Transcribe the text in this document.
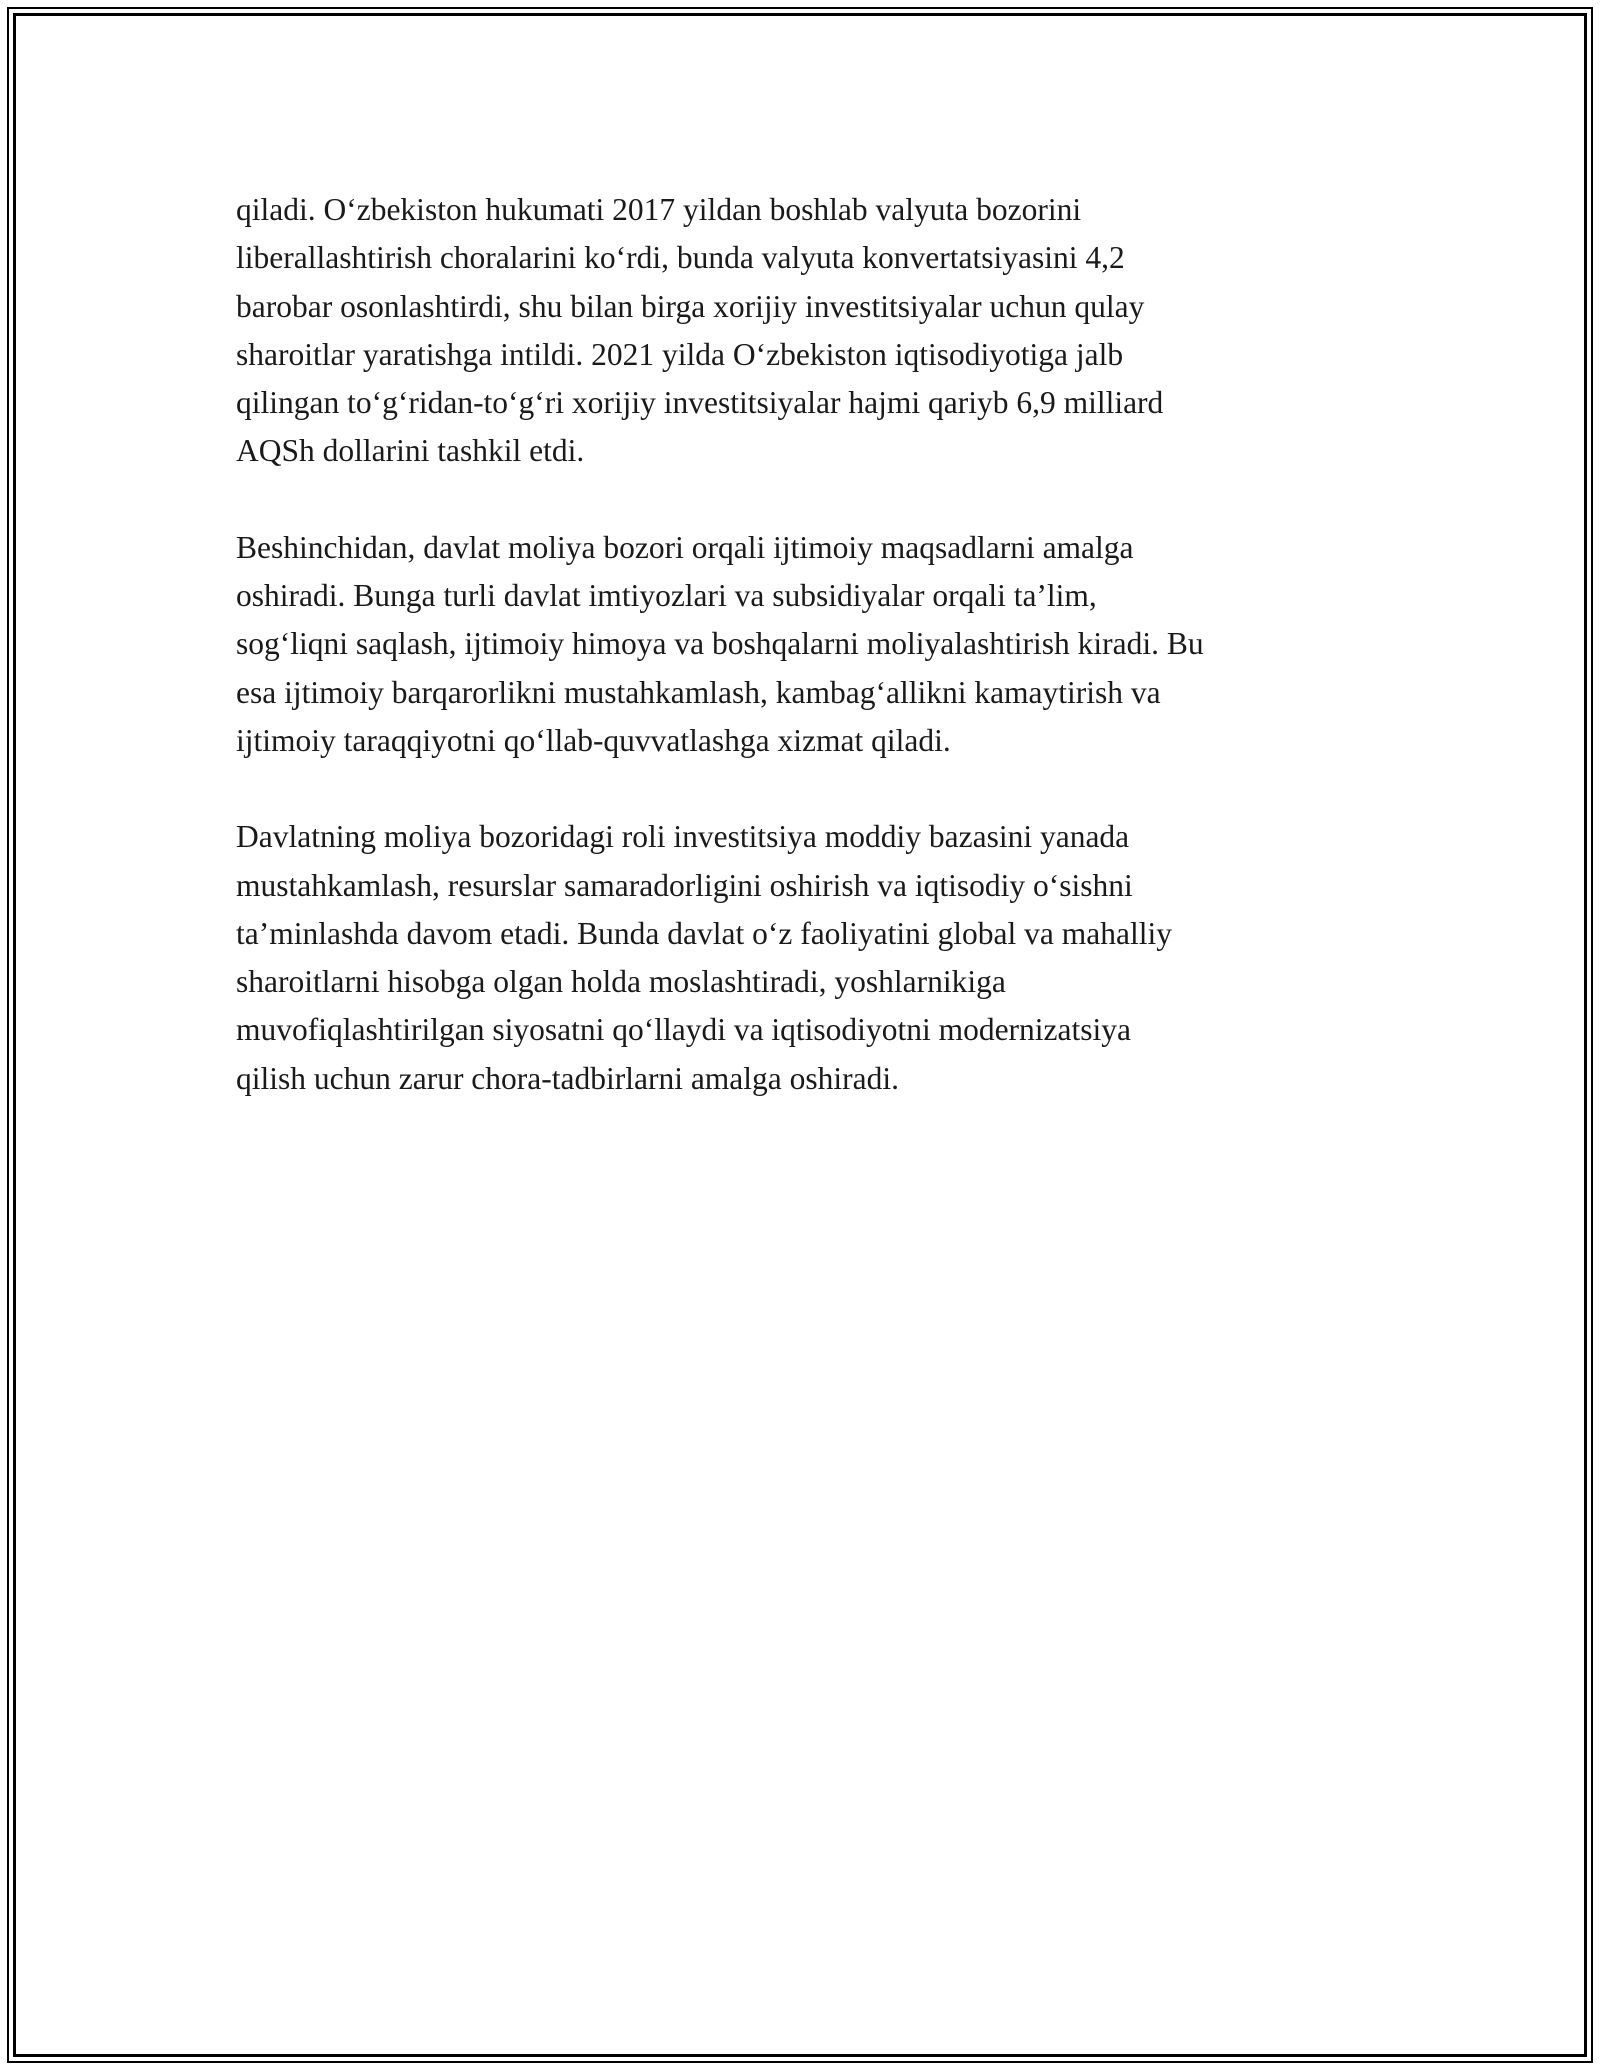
qiladi. O‘zbekiston hukumati 2017 yildan boshlab valyuta bozorini
liberallashtirish choralarini ko‘rdi, bunda valyuta konvertatsiyasini 4,2
barobar osonlashtirdi, shu bilan birga xorijiy investitsiyalar uchun qulay
sharoitlar yaratishga intildi. 2021 yilda O‘zbekiston iqtisodiyotiga jalb
qilingan to‘g‘ridan-to‘g‘ri xorijiy investitsiyalar hajmi qariyb 6,9 milliard
AQSh dollarini tashkil etdi.

Beshinchidan, davlat moliya bozori orqali ijtimoiy maqsadlarni amalga
oshiradi. Bunga turli davlat imtiyozlari va subsidiyalar orqali ta’lim,
sog‘liqni saqlash, ijtimoiy himoya va boshqalarni moliyalashtirish kiradi. Bu
esa ijtimoiy barqarorlikni mustahkamlash, kambag‘allikni kamaytirish va
ijtimoiy taraqqiyotni qo‘llab-quvvatlashga xizmat qiladi.

Davlatning moliya bozoridagi roli investitsiya moddiy bazasini yanada
mustahkamlash, resurslar samaradorligini oshirish va iqtisodiy o‘sishni
ta’minlashda davom etadi. Bunda davlat o‘z faoliyatini global va mahalliy
sharoitlarni hisobga olgan holda moslashtiradi, yoshlarnikiga
muvofiqlashtirilgan siyosatni qo‘llaydi va iqtisodiyotni modernizatsiya
qilish uchun zarur chora-tadbirlarni amalga oshiradi.
